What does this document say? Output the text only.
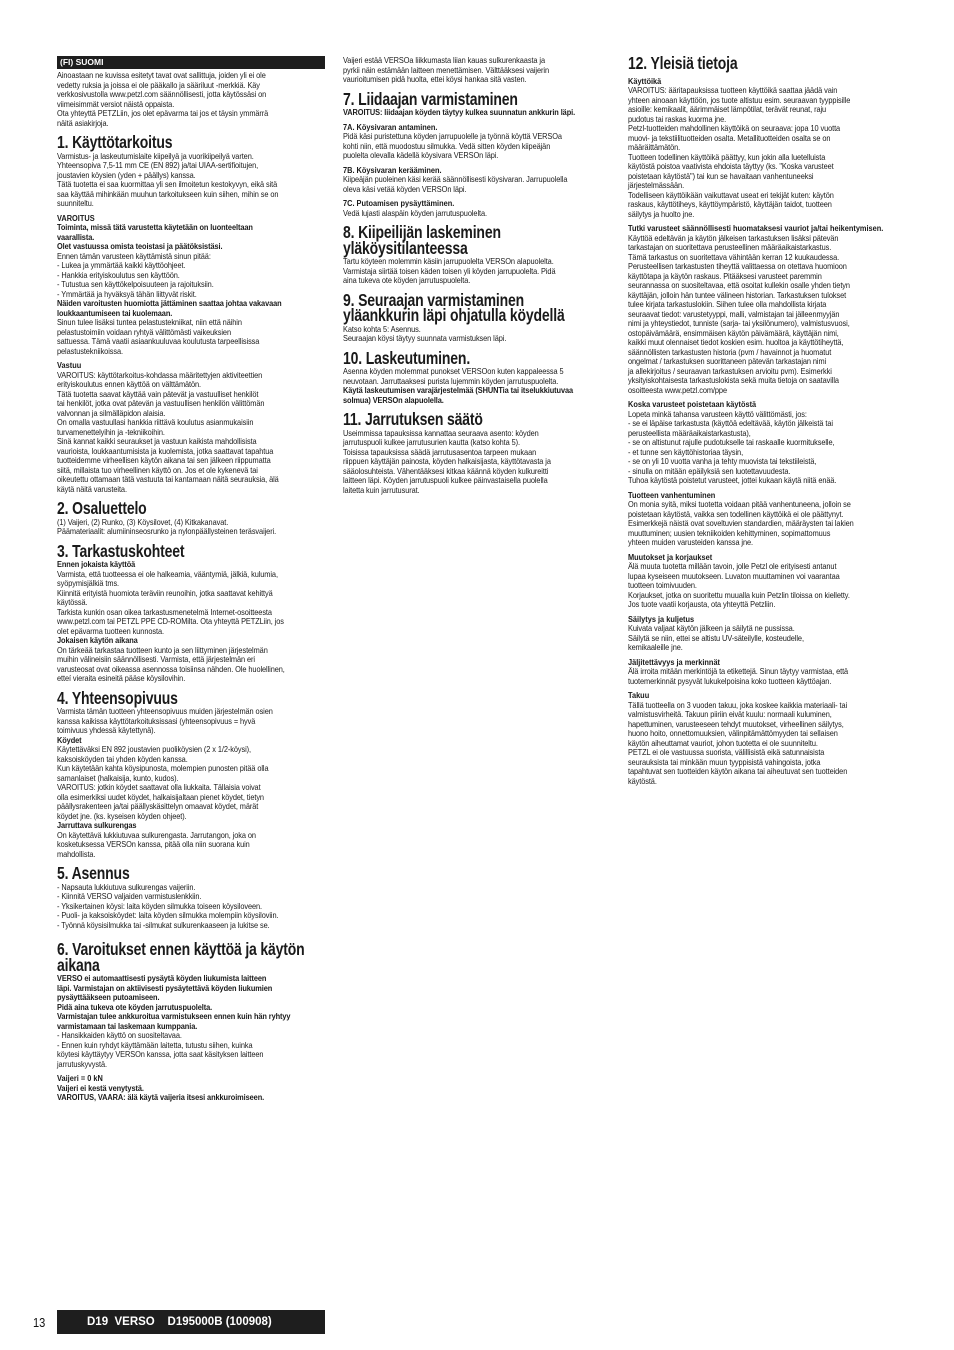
(FI) SUOMI

Ainoastaan ne kuvissa esitetyt tavat ovat sallittuja, joiden yli ei ole
vedetty ruksia ja joissa ei ole pääkallo ja sääriluut -merkkiä. Käy
verkkosivustolla www.petzl.com säännöllisesti, jotta käytössäsi on
viimeisimmät versiot näistä oppaista.
Ota yhteyttä PETZLiin, jos olet epävarma tai jos et täysin ymmärrä
näitä asiakirjoja.

1. Käyttötarkoitus

Varmistus- ja laskeutumislaite kiipeilyä ja vuorikiipeilyä varten.
Yhteensopiva 7,5-11 mm CE (EN 892) ja/tai UIAA-sertifioitujen,
joustavien köysien (yden + päällys) kanssa.
Tätä tuotetta ei saa kuormittaa yli sen ilmoitetun kestokyvyn, eikä sitä
saa käyttää mihinkään muuhun tarkoitukseen kuin siihen, mihin se on
suunniteltu.

VAROITUS

Toiminta, missä tätä varustetta käytetään on luonteeltaan
vaarallista.
Olet vastuussa omista teoistasi ja päätöksistäsi.

Ennen tämän varusteen käyttämistä sinun pitää:
- Lukea ja ymmärtää kaikki käyttöohjeet.
- Hankkia erityiskoulutus sen käyttöön.
- Tutustua sen käyttökelpoisuuteen ja rajoituksiin.
- Ymmärtää ja hyväksyä tähän liittyvät riskit.

Näiden varoitusten huomiotta jättäminen saattaa johtaa vakavaan
loukkaantumiseen tai kuolemaan.

Sinun tulee lisäksi tuntea pelastustekniikat, niin että näihin
pelastustoimiin voidaan ryhtyä välittömästi vaikeuksien
sattuessa. Tämä vaatii asiaankuuluvaa koulutusta tarpeellisissa
pelastustekniikoissa.

Vastuu

VAROITUS: käyttötarkoitus-kohdassa määritettyjen aktiviteettien
erityiskoulutus ennen käyttöä on välttämätön.
Tätä tuotetta saavat käyttää vain pätevät ja vastuulliset henkilöt
tai henkilöt, jotka ovat pätevän ja vastuullisen henkilön välittömän
valvonnan ja silmälläpidon alaisia.
On omalla vastuullasi hankkia riittävä koulutus asianmukaisiin
turvamenettelyihin ja -tekniikoihin.
Sinä kannat kaikki seuraukset ja vastuun kaikista mahdollisista
vaurioista, loukkaantumisista ja kuolemista, jotka saattavat tapahtua
tuotteidemme virheellisen käytön aikana tai sen jälkeen riippumatta
siitä, millaista tuo virheellinen käyttö on. Jos et ole kykenevä tai
oikeutettu ottamaan tätä vastuuta tai kantamaan näitä seurauksia, älä
käytä näitä varusteita.

2. Osaluettelo

(1) Vaijeri, (2) Runko, (3) Köysilovet, (4) Kitkakanavat.
Päämateriaalit: alumiininseosrunko ja nylonpäällysteinen teräsvaijeri.

3. Tarkastuskohteet

Ennen jokaista käyttöä

Varmista, että tuotteessa ei ole halkeamia, vääntymiä, jälkiä, kulumia,
syöpymisjälkiä tms.
Kiinnitä erityistä huomiota teräviin reunoihin, jotka saattavat kehittyä
käytössä.
Tarkista kunkin osan oikea tarkastusmenetelmä Internet-osoitteesta
www.petzl.com tai PETZL PPE CD-ROMilta. Ota yhteyttä PETZLiin, jos
olet epävarma tuotteen kunnosta.

Jokaisen käytön aikana

On tärkeää tarkastaa tuotteen kunto ja sen liittyminen järjestelmän
muihin välineisiin säännöllisesti. Varmista, että järjestelmän eri
varusteosat ovat oikeassa asennossa toisiinsa nähden. Ole huolellinen,
etteí vieraita esineitä pääse köysilovihin.

4. Yhteensopivuus

Varmista tämän tuotteen yhteensopivuus muiden järjestelmän osien
kanssa kaikissa käyttötarkoituksissasi (yhteensopivuus = hyvä
toimivuus yhdessä käytettynä).

Köydet

Käytettäväksi EN 892 joustavien puoliköysien (2 x 1/2-köysi),
kaksoisköyden tai yhden köyden kanssa.
Kun käytetään kahta köysipunosta, molempien punosten pitää olla
samanlaiset (halkaisija, kunto, kudos).
VAROITUS: jotkin köydet saattavat olla liukkaita. Tällaisia voivat
olla esimerkiksi uudet köydet, halkaisijaltaan pienet köydet, tietyn
päällysrakenteen ja/tai päällyskäsittelyn omaavat köydet, märät
köydet jne. (ks. kyseisen köyden ohjeet).

Jarruttava sulkurengas

On käytettävä lukkiutuvaa sulkurengasta. Jarrutangon, joka on
kosketuksessa VERSOn kanssa, pitää olla niin suorana kuin
mahdollista.

5. Asennus

- Napsauta lukkiutuva sulkurengas vaijeriin.
- Kiinnitä VERSO valjaiden varmistuslenkkiin.
- Yksikertainen köysi: laita köyden silmukka toiseen köysiloveen.
- Puoli- ja kaksoisköydet: laita köyden silmukka molempiin köysiloviin.
- Työnnä köysisilmukka tai -silmukat sulkurenkaaseen ja lukitse se.

6. Varoitukset ennen käyttöä ja käytön
aikana

VERSO ei automaattisesti pysäytä köyden liukumista laitteen
läpi. Varmistajan on aktiivisesti pysäytettävä köyden liukumien
pysäyttääkseen putoamiseen.
Pidä aina tukeva ote köyden jarrutuspuolelta.
Varmistajan tulee ankkuroitua varmistukseen ennen kuin hän ryhtyy
varmistamaan tai laskemaan kumppania.

- Hansikkaiden käyttö on suositeltavaa.
- Ennen kuin ryhdyt käyttämään laitetta, tutustu siihen, kuinka
köytesi käyttäytyy VERSOn kanssa, jotta saat käsityksen laitteen
jarrutuskyvystä.

Vaijeri = 0 kN

Vaijeri ei kestä venytystä.
VAROITUS, VAARA: älä käytä vaijeria itsesi ankkuroimiseen.

Vaijeri estää VERSOa liikkumasta liian kauas sulkurenkaasta ja
pyrkii näin estämään laitteen menettämisen. Välttääksesi vaijerin
vaurioitumisen pidä huolta, ettei köysi hankaa sitä vasten.

7. Liidaajan varmistaminen

VAROITUS: liidaajan köyden täytyy kulkea suunnatun ankkurin läpi.

7A. Köysivaran antaminen.

Pidä käsi puristettuna köyden jarrupuolelle ja työnnä köyttä VERSOa
kohti niin, että muodostuu silmukka. Vedä sitten köyden kiipeäjän
puolelta olevalla kädellä köysivara VERSOn läpi.

7B. Köysivaran kerääminen.

Kiipeäjän puoleinen käsi kerää säännöllisesti köysivaran. Jarrupuolella
oleva käsi vetää köyden VERSOn läpi.

7C. Putoamisen pysäyttäminen.

Vedä lujasti alaspäin köyden jarrutuspuolelta.

8. Kiipeilijän laskeminen
yläköysitilanteessa

Tartu köyteen molemmin käsiin jarrupuolelta VERSOn alapuolelta.
Varmistaja siirtää toisen käden toisen yli köyden jarrupuolelta. Pidä
aina tukeva ote köyden jarrutuspuolelta.

9. Seuraajan varmistaminen
yläankkurin läpi ohjatulla köydellä

Katso kohta 5: Asennus.
Seuraajan köysi täytyy suunnata varmistuksen läpi.

10. Laskeutuminen.

Asenna köyden molemmat punokset VERSOon kuten kappaleessa 5
neuvotaan. Jarruttaaksesi purista lujemmin köyden jarrutuspuolelta.

Käytä laskeutumisen varajärjestelmää (SHUNTia tai itselukkiutuvaa
solmua) VERSOn alapuolella.

11. Jarrutuksen säätö

Useimmissa tapauksissa kannattaa seuraava asento: köyden
jarrutuspuoli kulkee jarrutusurien kautta (katso kohta 5).
Toisissa tapauksissa säädä jarrutusasentoa tarpeen mukaan
riippuen käyttäjän painosta, köyden halkaisijasta, käyttötavasta ja
sääolosuhteista. Vähentääksesi kitkaa käännä köyden kulkureitti
laitteen läpi. Köyden jarrutuspuoli kulkee päinvastaisella puolella
laitetta kuin jarrutusurat.

12. Yleisiä tietoja

Käyttöikä

VAROITUS: ääritapauksissa tuotteen käyttöikä saattaa jäädä vain
yhteen ainoaan käyttöön, jos tuote altistuu esim. seuraavan tyyppisille
asioille: kemikaalit, äärimmäiset lämpötilat, terävät reunat, raju
pudotus tai raskas kuorma jne.
Petzl-tuotteiden mahdollinen käyttöikä on seuraava: jopa 10 vuotta
muovi- ja tekstiilituotteiden osalta. Metallituotteiden osalta se on
määräittämätön.

Tuotteen todellinen käyttöikä päättyy, kun jokin alla luetelluista
käytöstä poistoa vaativista ehdoista täyttyy (ks. "Koska varusteet
poistetaan käytöstä") tai kun se havaitaan vanhentuneeksi
järjestelmässään.
Todelliseen käyttöikään vaikuttavat useat eri tekijät kuten: käytön
raskaus, käyttötiheys, käyttöympäristö, käyttäjän taidot, tuotteen
säilytys ja huolto jne.

Tutki varusteet säännöllisesti huomataksesi vauriot ja/tai heikentymisen.

Käyttöä edeltävän ja käytön jälkeisen tarkastuksen lisäksi pätevän
tarkastajan on suoritettava perusteellinen määräaikaistarkastus.
Tämä tarkastus on suoritettava vähintään kerran 12 kuukaudessa.
Perusteellisen tarkastusten tiheyttä valittaessa on otettava huomioon
käyttötapa ja käytön raskaus. Pitääksesi varusteet paremmin
seurannassa on suositeltavaa, että osoitat kullekin osalle yhden tietyn
käyttäjän, jolloin hän tuntee välineen historian. Tarkastuksen tulokset
tulee kirjata tarkastuslokiin. Siihen tulee olla mahdollista kirjata
seuraavat tiedot: varustetyyppi, malli, valmistajan tai jälleenmyyjän
nimi ja yhteystiedot, tunniste (sarja- tai yksilönumero), valmistusvuosi,
ostopäivämäärä, ensimmäisen käytön päivämäärä, käyttäjän nimi,
kaikki muut olennaiset tiedot koskien esim. huoltoa ja käyttötiheyttä,
säännöllisten tarkastusten historia (pvm / havainnot ja huomatut
ongelmat / tarkastuksen suorittaneen pätevän tarkastajan nimi
ja allekirjoitus / seuraavan tarkastuksen arvioitu pvm). Esimerkki
yksityiskohtaisesta tarkastuslokista sekä muita tietoja on saatavilla
osoitteesta www.petzl.com/ppe

Koska varusteet poistetaan käytöstä

Lopeta minkä tahansa varusteen käyttö välittömästi, jos:
- se ei läpäise tarkastusta (käyttöä edeltävää, käytön jälkeistä tai
perusteellista määräaikaistarkastusta),
- se on altistunut rajulle pudotukselle tai raskaalle kuormitukselle,
- et tunne sen käyttöhistoriaa täysin,
- se on yli 10 vuotta vanha ja tehty muovista tai tekstiileistä,
- sinulla on mitään epäilyksiä sen luotettavuudesta.
Tuhoa käytöstä poistetut varusteet, jottei kukaan käytä niitä enää.

Tuotteen vanhentuminen

On monia syitä, miksi tuotetta voidaan pitää vanhentuneena, jolloin se
poistetaan käytöstä, vaikka sen todellinen käyttöikä ei ole päättynyt.
Esimerkkejä näistä ovat soveltuvien standardien, määräysten tai lakien
muuttuminen; uusien tekniikoiden kehittyminen, sopimattomuus
yhteen muiden varusteiden kanssa jne.

Muutokset ja korjaukset

Älä muuta tuotetta millään tavoin, jolle Petzl ole erityisesti antanut
lupaa kyseiseen muutokseen. Luvaton muuttaminen voi vaarantaa
tuotteen toimivuuden.
Korjaukset, jotka on suoritettu muualla kuin Petzlin tiloissa on kielletty.
Jos tuote vaatii korjausta, ota yhteyttä Petzliin.

Säilytys ja kuljetus

Kuivata valjaat käytön jälkeen ja säilytä ne pussissa.
Säilytä se niin, ettei se altistu UV-säteilylle, kosteudelle,
kemikaaleille jne.

Jäljitettävyys ja merkinnät

Älä irroita mitään merkintöjä ta etikettejä. Sinun täytyy varmistaa, että
tuotemerkinnät pysyvät lukukelpoisina koko tuotteen käyttöajan.

Takuu

Tällä tuotteella on 3 vuoden takuu, joka koskee kaikkia materiaali- tai
valmistusvirheitä. Takuun piiriin eivät kuulu: normaali kuluminen,
hapettuminen, varusteeseen tehdyt muutokset, virheellinen säilytys,
huono hoito, onnettomuuksien, välinpitämättömyyden tai sellaisen
käytön aiheuttamat vauriot, johon tuotetta ei ole suunniteltu.
PETZL ei ole vastuussa suorista, välillisistä eikä satunnaisista
seurauksista tai minkään muun tyyppisistä vahingoista, jotka
tapahtuvat sen tuotteiden käytön aikana tai aiheutuvat sen tuotteiden
käytöstä.

13	D19  VERSO    D195000B (100908)
